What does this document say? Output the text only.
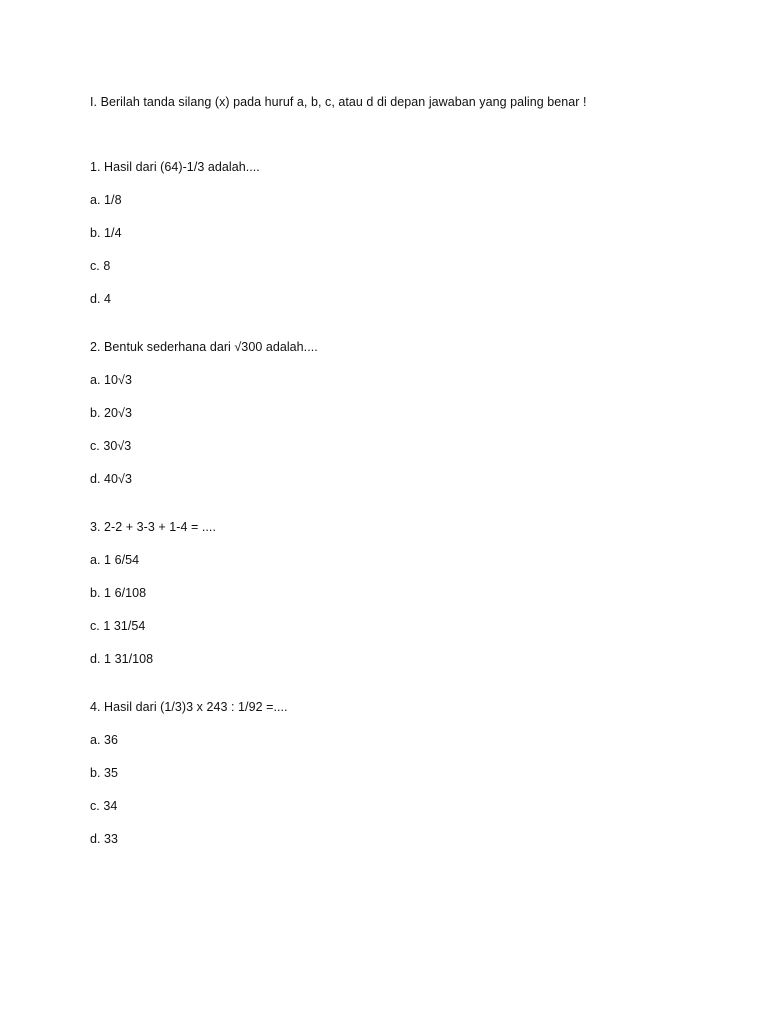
I. Berilah tanda silang (x) pada huruf a, b, c, atau d di depan jawaban yang paling benar !
1. Hasil dari (64)-1/3 adalah....
a. 1/8
b. 1/4
c. 8
d. 4
2. Bentuk sederhana dari √300 adalah....
a. 10√3
b. 20√3
c. 30√3
d. 40√3
3. 2-2 + 3-3 + 1-4 = ....
a. 1 6/54
b. 1 6/108
c. 1 31/54
d. 1 31/108
4. Hasil dari (1/3)3 x 243 : 1/92 =....
a. 36
b. 35
c. 34
d. 33
